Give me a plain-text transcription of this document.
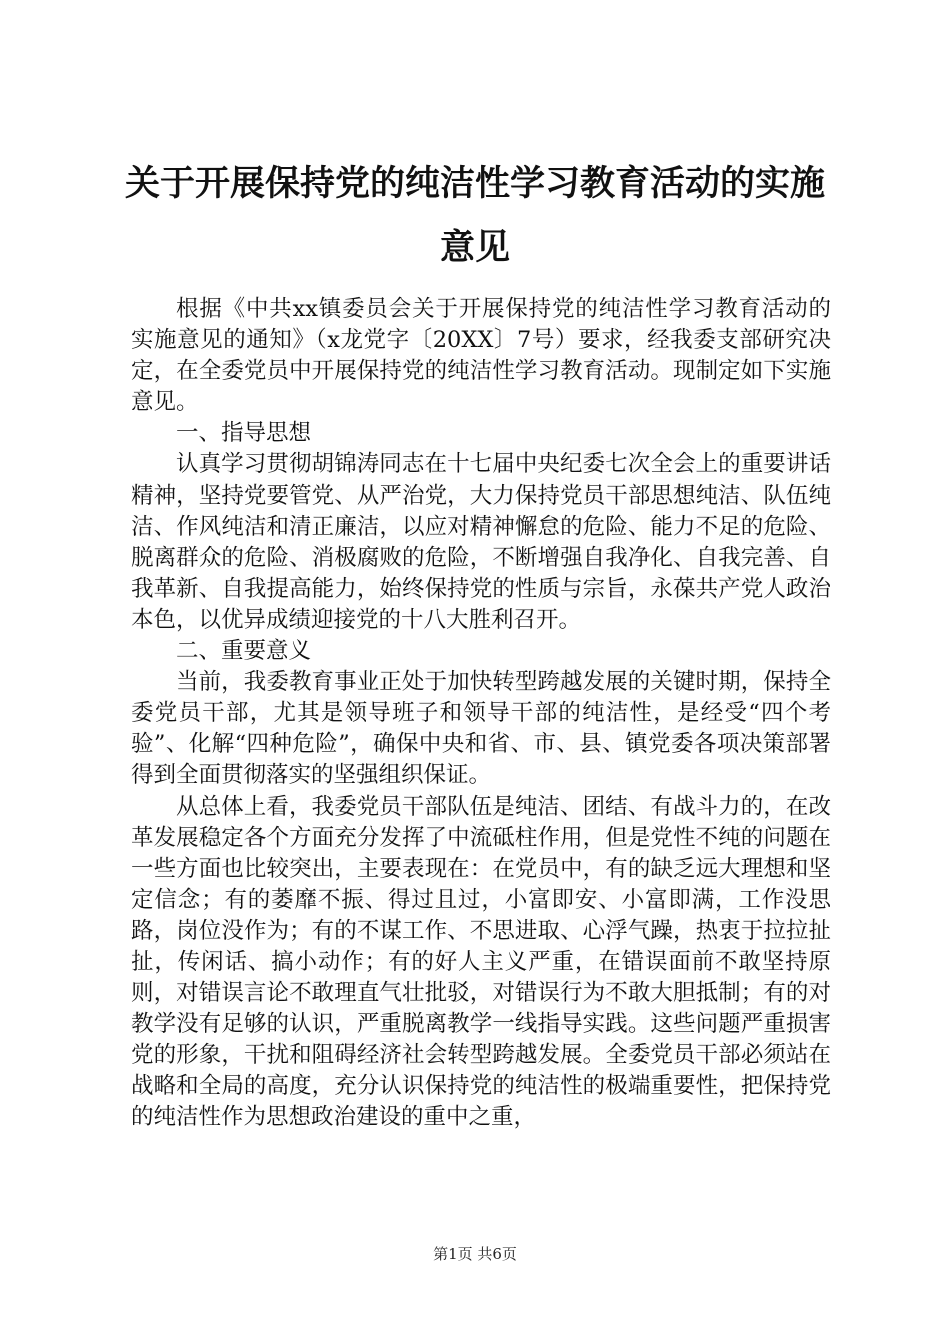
关于开展保持党的纯洁性学习教育活动的实施
意见

根据《中共xx镇委员会关于开展保持党的纯洁性学习教育活动的实施意见的通知》（x龙党字〔20XX〕7号）要求，经我委支部研究决定，在全委党员中开展保持党的纯洁性学习教育活动。现制定如下实施意见。

一、指导思想

认真学习贯彻胡锦涛同志在十七届中央纪委七次全会上的重要讲话精神，坚持党要管党、从严治党，大力保持党员干部思想纯洁、队伍纯洁、作风纯洁和清正廉洁，以应对精神懈怠的危险、能力不足的危险、脱离群众的危险、消极腐败的危险，不断增强自我净化、自我完善、自我革新、自我提高能力，始终保持党的性质与宗旨，永葆共产党人政治本色，以优异成绩迎接党的十八大胜利召开。

二、重要意义

当前，我委教育事业正处于加快转型跨越发展的关键时期，保持全委党员干部，尤其是领导班子和领导干部的纯洁性，是经受“四个考验”、化解“四种危险”，确保中央和省、市、县、镇党委各项决策部署得到全面贯彻落实的坚强组织保证。

从总体上看，我委党员干部队伍是纯洁、团结、有战斗力的，在改革发展稳定各个方面充分发挥了中流砥柱作用，但是党性不纯的问题在一些方面也比较突出，主要表现在：在党员中，有的缺乏远大理想和坚定信念；有的萎靡不振、得过且过，小富即安、小富即满，工作没思路，岗位没作为；有的不谋工作、不思进取、心浮气躁，热衷于拉拉扯扯，传闲话、搞小动作；有的好人主义严重，在错误面前不敢坚持原则，对错误言论不敢理直气壮批驳，对错误行为不敢大胆抵制；有的对教学没有足够的认识，严重脱离教学一线指导实践。这些问题严重损害党的形象，干扰和阻碍经济社会转型跨越发展。全委党员干部必须站在战略和全局的高度，充分认识保持党的纯洁性的极端重要性，把保持党的纯洁性作为思想政治建设的重中之重，

第1页 共6页
